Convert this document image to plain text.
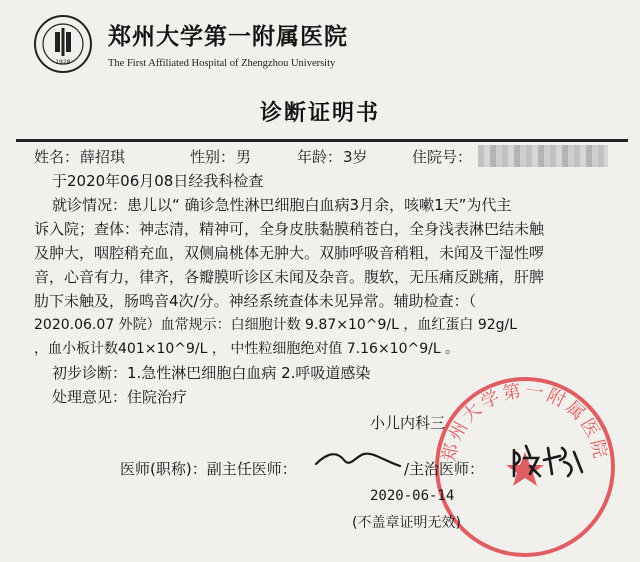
1928
郑州大学第一附属医院
The First Affiliated Hospital of Zhengzhou University
诊断证明书
姓名： 薛招琪	性别： 男	年龄： 3岁	住院号：
于2020年06月08日经我科检查
就诊情况：患儿以“ 确诊急性淋巴细胞白血病3月余，咳嗽1天”为代主
诉入院；查体：神志清，精神可，全身皮肤黏膜稍苍白，全身浅表淋巴结未触
及肿大，咽腔稍充血，双侧扁桃体无肿大。双肺呼吸音稍粗，未闻及干湿性啰
音，心音有力，律齐，各瓣膜听诊区未闻及杂音。腹软，无压痛反跳痛，肝脾
肋下未触及，肠鸣音4次/分。神经系统查体未见异常。辅助检查：（
2020.06.07 外院）血常规示：白细胞计数 9.87×10^9/L ，血红蛋白 92g/L
，血小板计数401×10^9/L ， 中性粒细胞绝对值 7.16×10^9/L 。
初步诊断：1.急性淋巴细胞白血病 2.呼吸道感染
处理意见：住院治疗
郑州大学第一附属医院
小儿内科三
医师(职称)：副主任医师：	/主治医师：
2020-06-14
(不盖章证明无效)
